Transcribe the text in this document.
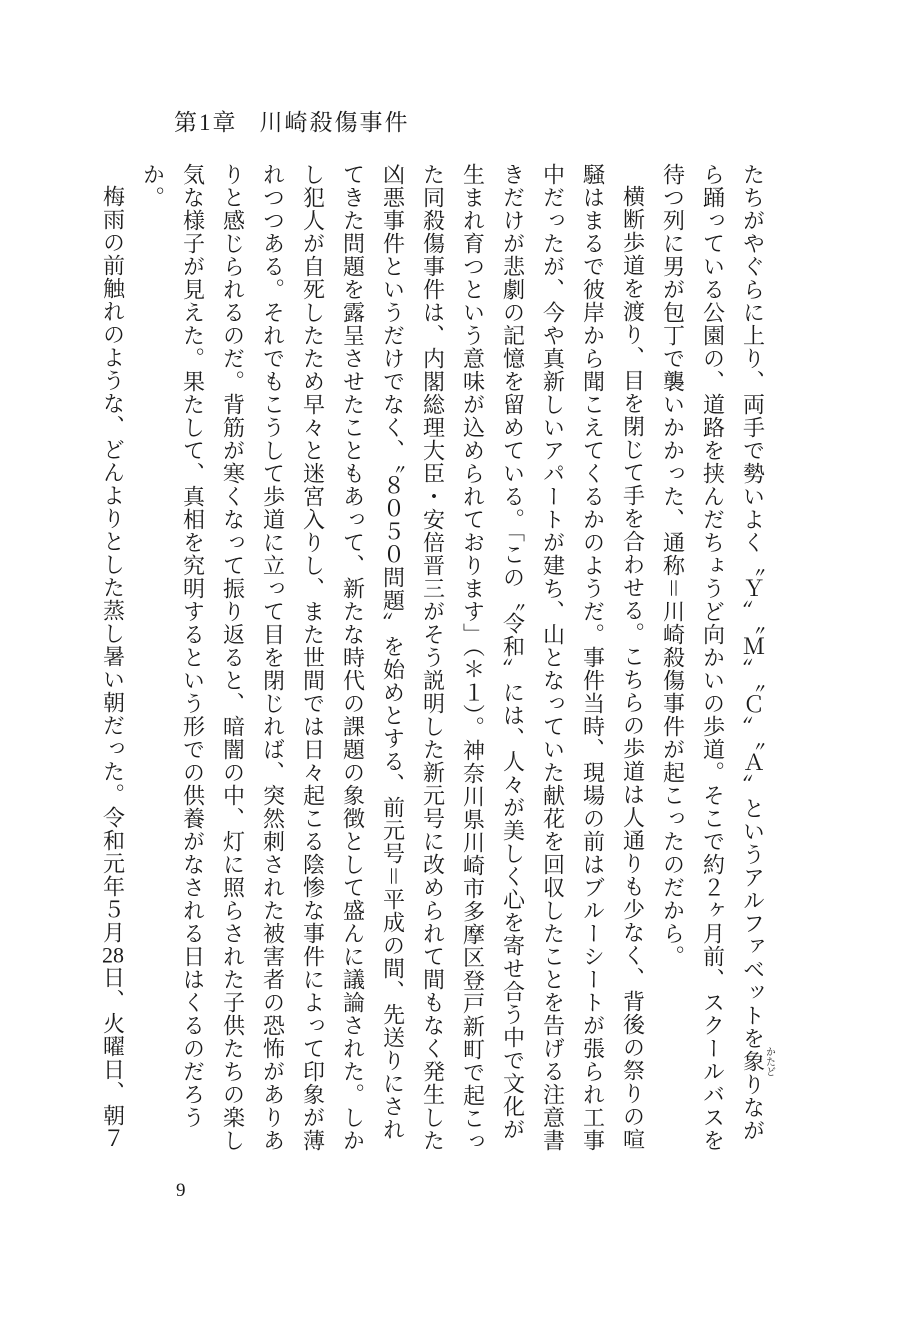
第1章 川崎殺傷事件

たちがやぐらに上り、両手で勢いよく〝Ｙ〟〝Ｍ〟〝Ｃ〟〝Ａ〟というアルファベットを象かたどりながら踊っている公園の、道路を挟んだちょうど向かいの歩道。そこで約２ヶ月前、スクールバスを待つ列に男が包丁で襲いかかった、通称＝川崎殺傷事件が起こったのだから。

横断歩道を渡り、目を閉じて手を合わせる。こちらの歩道は人通りも少なく、背後の祭りの喧騒はまるで彼岸から聞こえてくるかのようだ。事件当時、現場の前はブルーシートが張られ工事中だったが、今や真新しいアパートが建ち、山となっていた献花を回収したことを告げる注意書きだけが悲劇の記憶を留めている。「この〝令和〟には、人々が美しく心を寄せ合う中で文化が生まれ育つという意味が込められております」（＊１）。神奈川県川崎市多摩区登戸新町で起こった同殺傷事件は、内閣総理大臣・安倍晋三がそう説明した新元号に改められて間もなく発生した凶悪事件というだけでなく、〝８０５０問題〟を始めとする、前元号＝平成の間、先送りにされてきた問題を露呈させたこともあって、新たな時代の課題の象徴として盛んに議論された。しかし犯人が自死したため早々と迷宮入りし、また世間では日々起こる陰惨な事件によって印象が薄れつつある。それでもこうして歩道に立って目を閉じれば、突然刺された被害者の恐怖がありありと感じられるのだ。背筋が寒くなって振り返ると、暗闇の中、灯に照らされた子供たちの楽し気な様子が見えた。果たして、真相を究明するという形での供養がなされる日はくるのだろうか。

梅雨の前触れのような、どんよりとした蒸し暑い朝だった。令和元年５月28日、火曜日、朝７

9
